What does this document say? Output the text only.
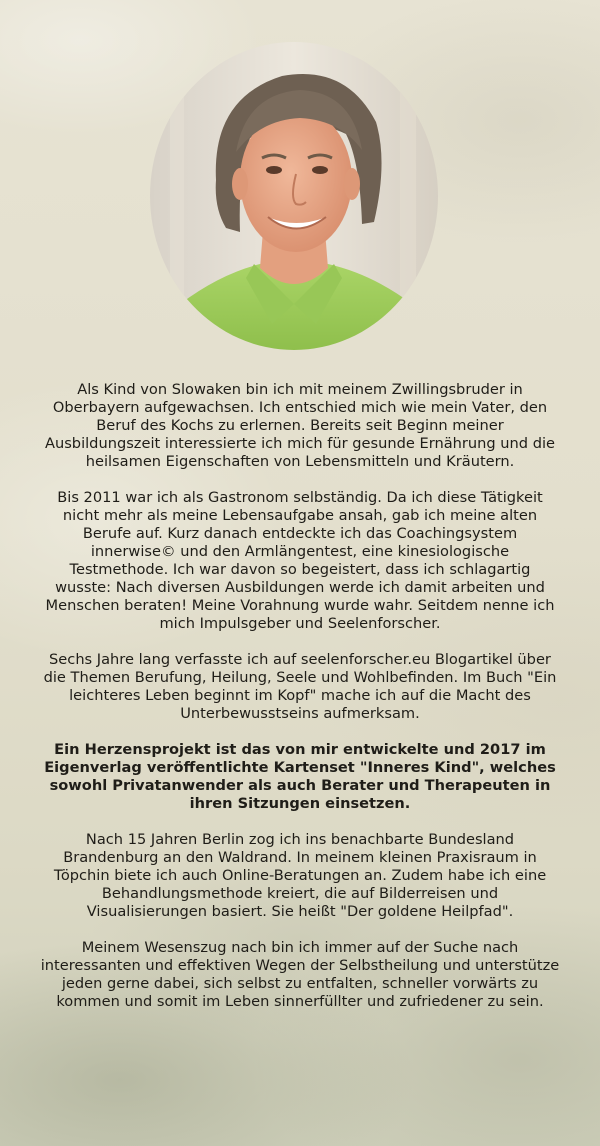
Als Kind von Slowaken bin ich mit meinem Zwillingsbruder in Oberbayern aufgewachsen. Ich entschied mich wie mein Vater, den Beruf des Kochs zu erlernen. Bereits seit Beginn meiner Ausbildungszeit interessierte ich mich für gesunde Ernährung und die heilsamen Eigenschaften von Lebensmitteln und Kräutern.

Bis 2011 war ich als Gastronom selbständig. Da ich diese Tätigkeit nicht mehr als meine Lebensaufgabe ansah, gab ich meine alten Berufe auf. Kurz danach entdeckte ich das Coachingsystem innerwise© und den Armlängentest, eine kinesiologische Testmethode. Ich war davon so begeistert, dass ich schlagartig wusste: Nach diversen Ausbildungen werde ich damit arbeiten und Menschen beraten! Meine Vorahnung wurde wahr. Seitdem nenne ich mich Impulsgeber und Seelenforscher.

Sechs Jahre lang verfasste ich auf seelenforscher.eu Blogartikel über die Themen Berufung, Heilung, Seele und Wohlbefinden. Im Buch "Ein leichteres Leben beginnt im Kopf" mache ich auf die Macht des Unterbewusstseins aufmerksam.

Ein Herzensprojekt ist das von mir entwickelte und 2017 im Eigenverlag veröffentlichte Kartenset "Inneres Kind", welches sowohl Privatanwender als auch Berater und Therapeuten in ihren Sitzungen einsetzen.

Nach 15 Jahren Berlin zog ich ins benachbarte Bundesland Brandenburg an den Waldrand. In meinem kleinen Praxisraum in Töpchin biete ich auch Online-Beratungen an. Zudem habe ich eine Behandlungsmethode kreiert, die auf Bilderreisen und Visualisierungen basiert. Sie heißt "Der goldene Heilpfad".

Meinem Wesenszug nach bin ich immer auf der Suche nach interessanten und effektiven Wegen der Selbstheilung und unterstütze jeden gerne dabei, sich selbst zu entfalten, schneller vorwärts zu kommen und somit im Leben sinnerfüllter und zufriedener zu sein.
